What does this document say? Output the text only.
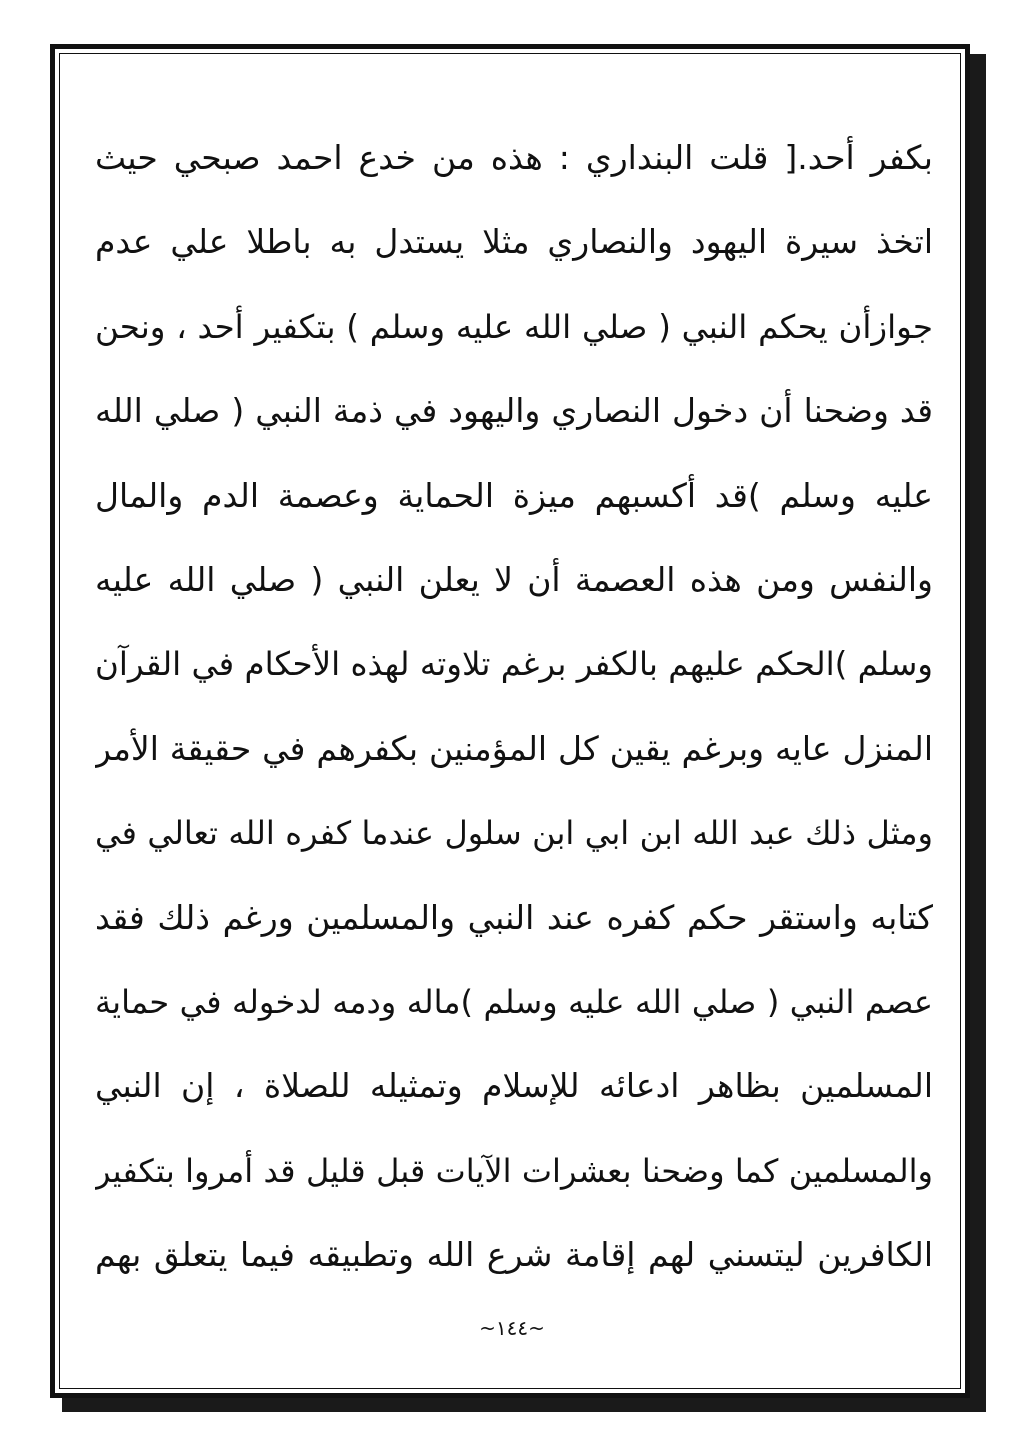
بكفر أحد.[ قلت البنداري : هذه من خدع احمد صبحي حيث
اتخذ سيرة اليهود والنصاري مثلا يستدل به باطلا علي عدم
جوازأن يحكم النبي ( صلي الله عليه وسلم ) بتكفير أحد ، ونحن
قد وضحنا أن دخول النصاري واليهود في ذمة النبي ( صلي الله
عليه وسلم )قد أكسبهم ميزة الحماية وعصمة الدم والمال
والنفس ومن هذه العصمة أن لا يعلن النبي ( صلي الله عليه
وسلم )الحكم عليهم بالكفر برغم تلاوته لهذه الأحكام في القرآن
المنزل عايه وبرغم يقين كل المؤمنين بكفرهم في حقيقة الأمر
ومثل ذلك عبد الله ابن ابي ابن سلول عندما كفره الله تعالي في
كتابه واستقر حكم كفره عند النبي والمسلمين ورغم ذلك فقد
عصم النبي ( صلي الله عليه وسلم )ماله ودمه لدخوله في حماية
المسلمين بظاهر ادعائه للإسلام وتمثيله للصلاة ، إن النبي
والمسلمين كما وضحنا بعشرات الآيات قبل قليل قد أمروا بتكفير
الكافرين ليتسني لهم إقامة شرع الله وتطبيقه فيما يتعلق بهم
~١٤٤~
